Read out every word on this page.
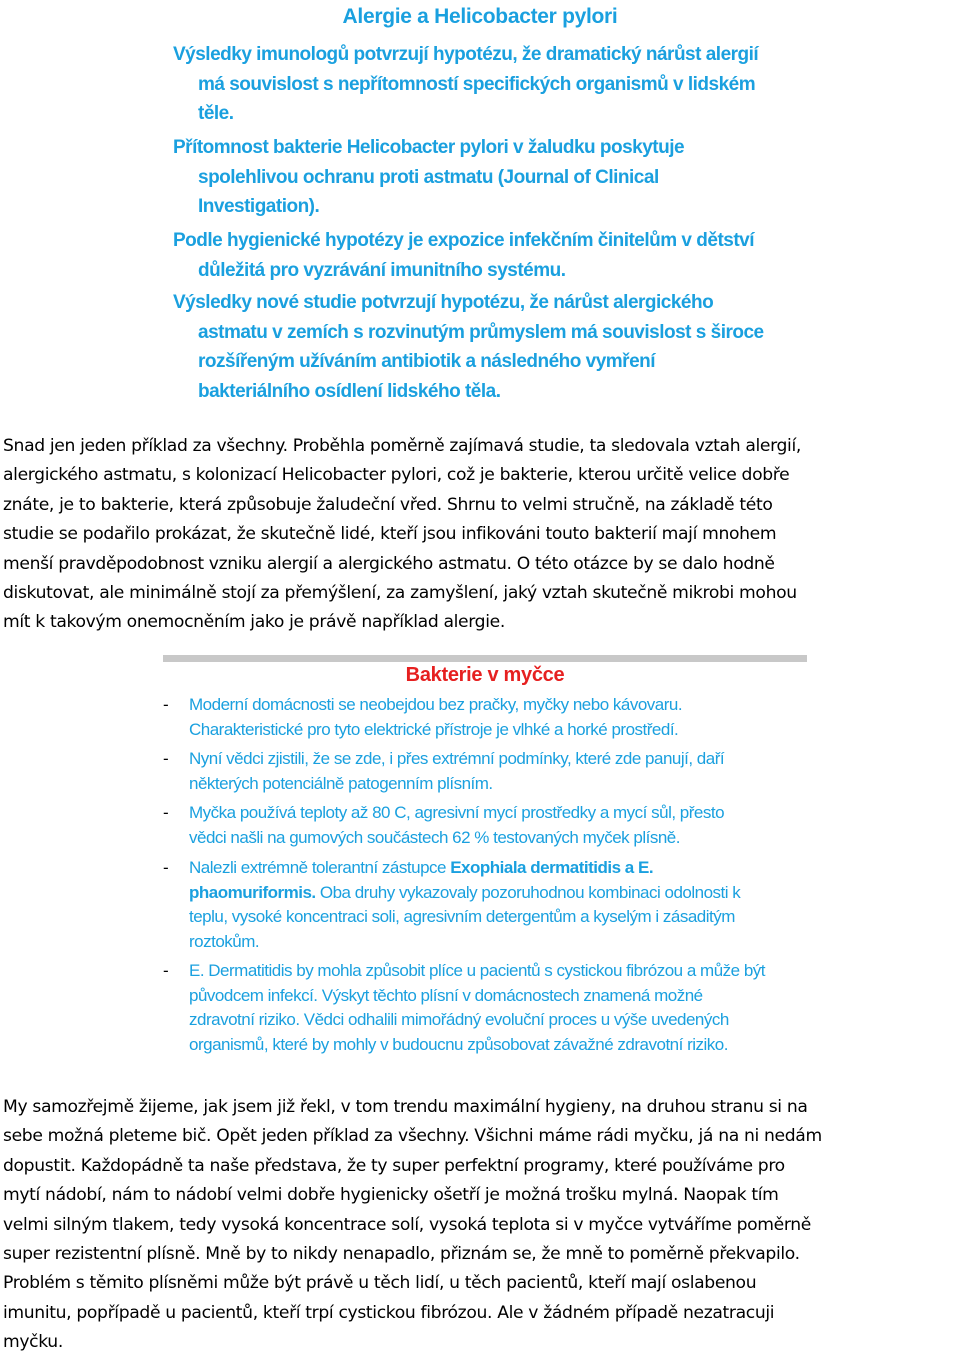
Alergie a Helicobacter pylori

Výsledky imunologů potvrzují hypotézu, že dramatický nárůst alergií
má souvislost s nepřítomností specifických organismů v lidském
těle.

Přítomnost bakterie Helicobacter pylori v žaludku poskytuje
spolehlivou ochranu proti astmatu (Journal of Clinical
Investigation).

Podle hygienické hypotézy je expozice infekčním činitelům v dětství
důležitá pro vyzrávání imunitního systému.

Výsledky nové studie potvrzují hypotézu, že nárůst alergického
astmatu v zemích s rozvinutým průmyslem má souvislost s široce
rozšířeným užíváním antibiotik a následného vymření
bakteriálního osídlení lidského těla.

Snad jen jeden příklad za všechny. Proběhla poměrně zajímavá studie, ta sledovala vztah alergií,
alergického astmatu, s kolonizací Helicobacter pylori, což je bakterie, kterou určitě velice dobře
znáte, je to bakterie, která způsobuje žaludeční vřed. Shrnu to velmi stručně, na základě této
studie se podařilo prokázat, že skutečně lidé, kteří jsou infikováni touto bakterií mají mnohem
menší pravděpodobnost vzniku alergií a alergického astmatu. O této otázce by se dalo hodně
diskutovat, ale minimálně stojí za přemýšlení, za zamyšlení, jaký vztah skutečně mikrobi mohou
mít k takovým onemocněním jako je právě například alergie.

Bakterie v myčce
- Moderní domácnosti se neobejdou bez pračky, myčky nebo kávovaru.
Charakteristické pro tyto elektrické přístroje je vlhké a horké prostředí.
- Nyní vědci zjistili, že se zde, i přes extrémní podmínky, které zde panují, daří
některých potenciálně patogenním plísním.
- Myčka používá teploty až 80 C, agresivní mycí prostředky a mycí sůl, přesto
vědci našli na gumových součástech 62 % testovaných myček plísně.
- Nalezli extrémně tolerantní zástupce Exophiala dermatitidis a E.
phaomuriformis. Oba druhy vykazovaly pozoruhodnou kombinaci odolnosti k
teplu, vysoké koncentraci soli, agresivním detergentům a kyselým i zásaditým
roztokům.
- E. Dermatitidis by mohla způsobit plíce u pacientů s cystickou fibrózou a může být
původcem infekcí. Výskyt těchto plísní v domácnostech znamená možné
zdravotní riziko. Vědci odhalili mimořádný evoluční proces u výše uvedených
organismů, které by mohly v budoucnu způsobovat závažné zdravotní riziko.

My samozřejmě žijeme, jak jsem již řekl, v tom trendu maximální hygieny, na druhou stranu si na
sebe možná pleteme bič. Opět jeden příklad za všechny. Všichni máme rádi myčku, já na ni nedám
dopustit. Každopádně ta naše představa, že ty super perfektní programy, které používáme pro
mytí nádobí, nám to nádobí velmi dobře hygienicky ošetří je možná trošku mylná. Naopak tím
velmi silným tlakem, tedy vysoká koncentrace solí, vysoká teplota si v myčce vytváříme poměrně
super rezistentní plísně. Mně by to nikdy nenapadlo, přiznám se, že mně to poměrně překvapilo.
Problém s těmito plísněmi může být právě u těch lidí, u těch pacientů, kteří mají oslabenou
imunitu, popřípadě u pacientů, kteří trpí cystickou fibrózou. Ale v žádném případě nezatracuji
myčku.
